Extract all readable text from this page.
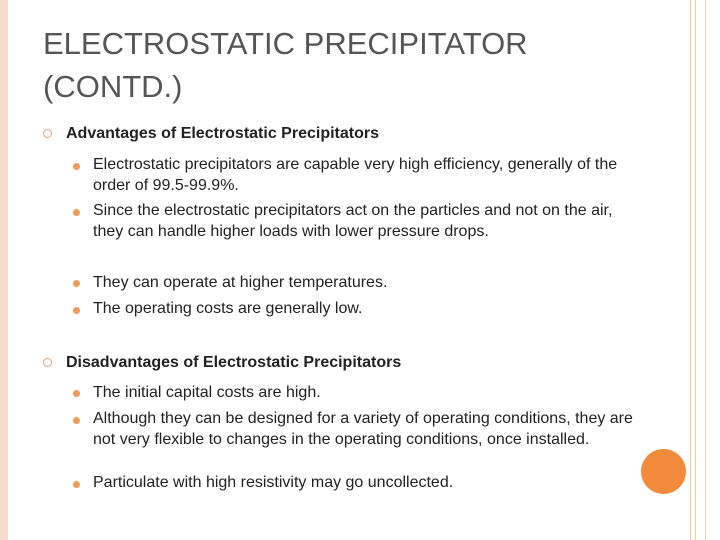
ELECTROSTATIC PRECIPITATOR
(CONTD.)
Advantages of Electrostatic Precipitators
Electrostatic precipitators are capable very high efficiency, generally of the order of 99.5-99.9%.
Since the electrostatic precipitators act on the particles and not on the air, they can handle higher loads with lower pressure drops.
They can operate at higher temperatures.
The operating costs are generally low.
Disadvantages of Electrostatic Precipitators
The initial capital costs are high.
Although they can be designed for a variety of operating conditions, they are not very flexible to changes in the operating conditions, once installed.
Particulate with high resistivity may go uncollected.
